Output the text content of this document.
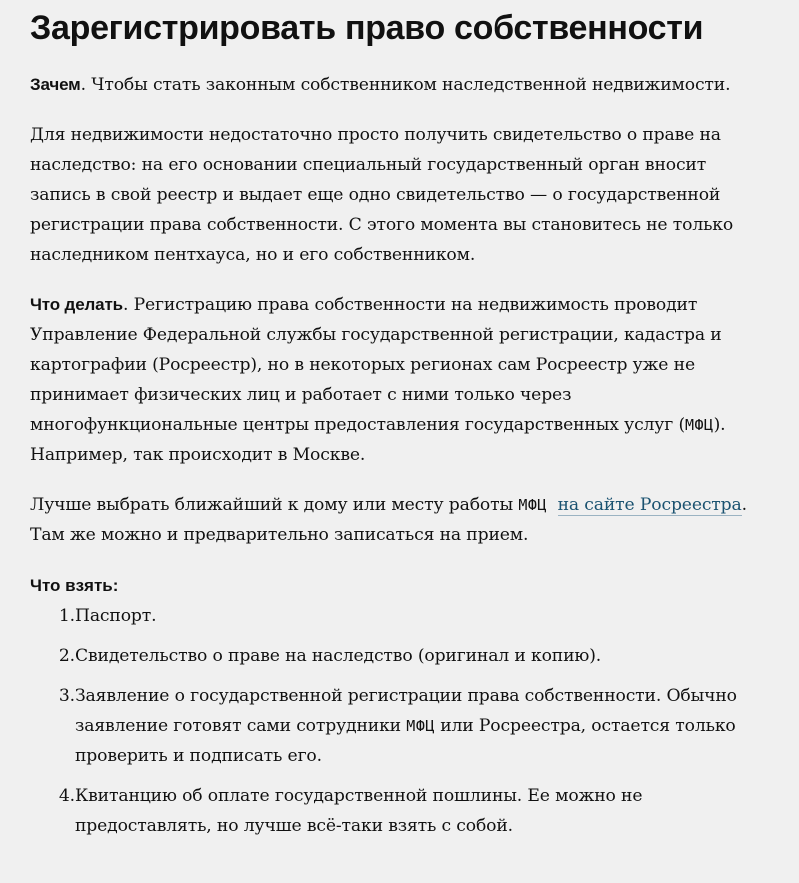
Зарегистрировать право собственности

Зачем. Чтобы стать законным собственником наследственной недвижимости.

Для недвижимости недостаточно просто получить свидетельство о праве на наследство: на его основании специальный государственный орган вносит запись в свой реестр и выдает еще одно свидетельство — о государственной регистрации права собственности. С этого момента вы становитесь не только наследником пентхауса, но и его собственником.

Что делать. Регистрацию права собственности на недвижимость проводит Управление Федеральной службы государственной регистрации, кадастра и картографии (Росреестр), но в некоторых регионах сам Росреестр уже не принимает физических лиц и работает с ними только через многофункциональные центры предоставления государственных услуг (МФЦ). Например, так происходит в Москве.

Лучше выбрать ближайший к дому или месту работы МФЦ на сайте Росреестра. Там же можно и предварительно записаться на прием.

Что взять:
1. Паспорт.
2. Свидетельство о праве на наследство (оригинал и копию).
3. Заявление о государственной регистрации права собственности. Обычно заявление готовят сами сотрудники МФЦ или Росреестра, остается только проверить и подписать его.
4. Квитанцию об оплате государственной пошлины. Ее можно не предоставлять, но лучше всё-таки взять с собой.
